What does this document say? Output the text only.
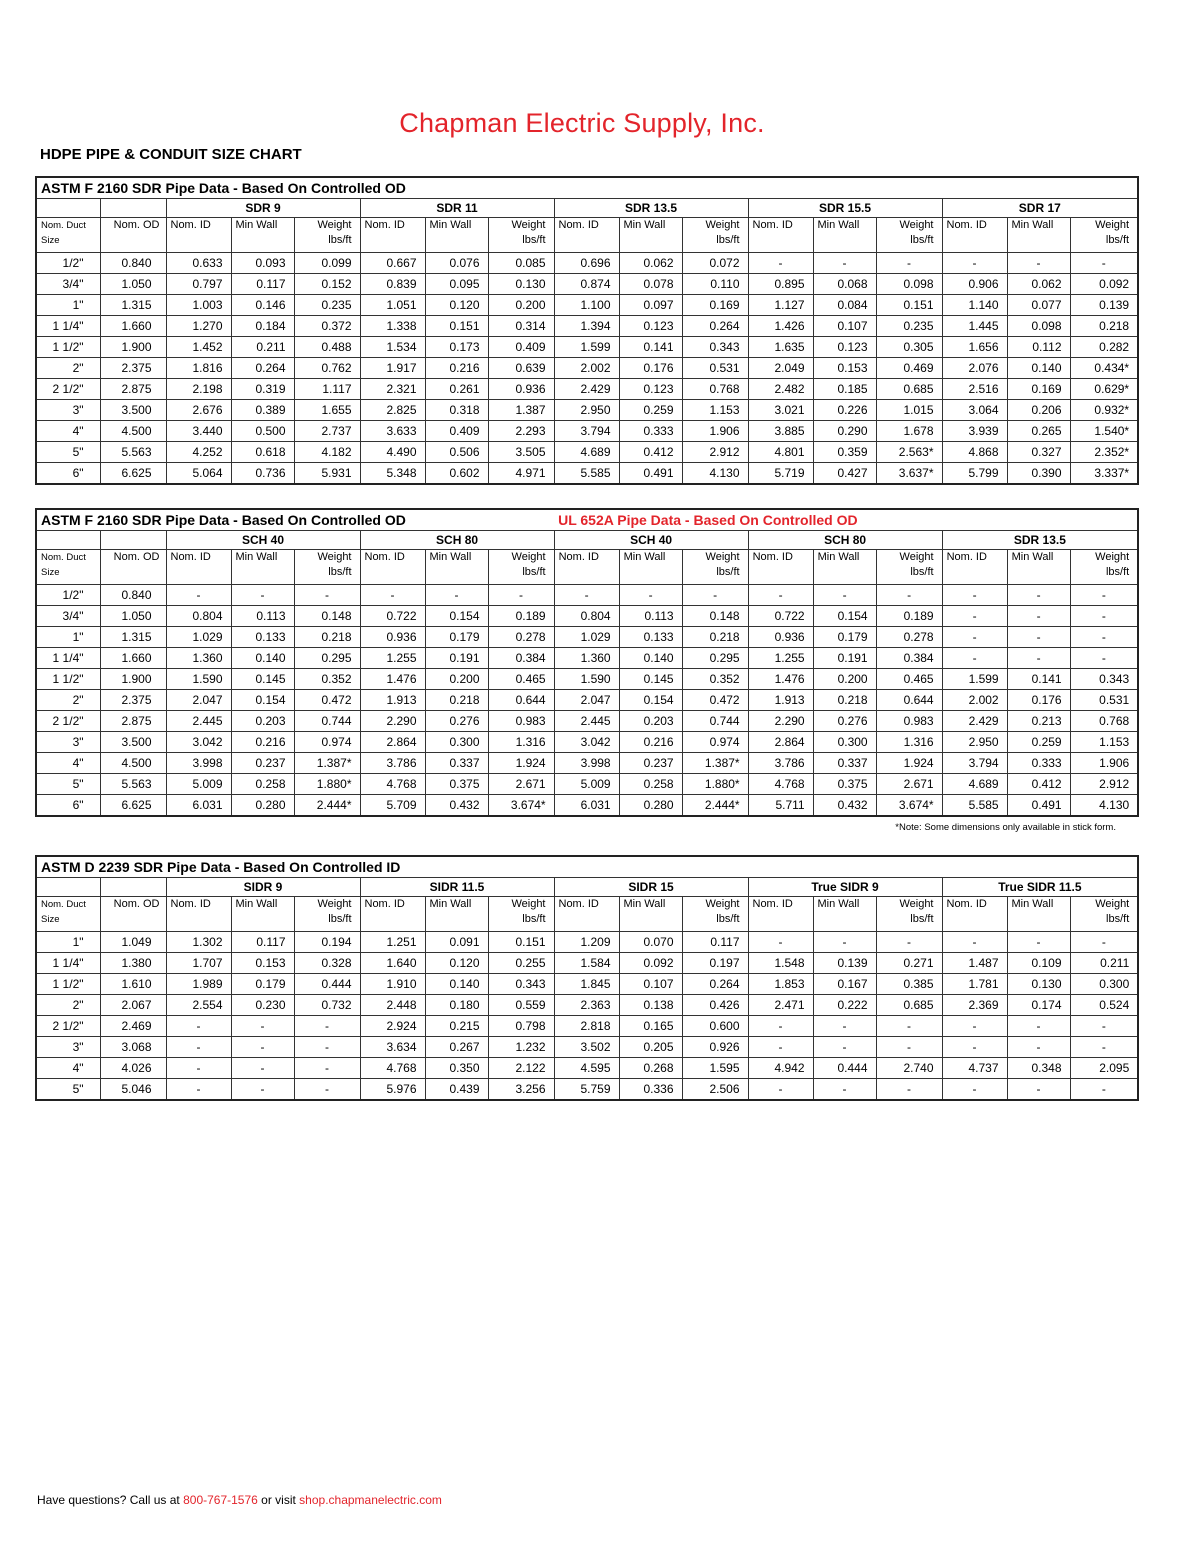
Chapman Electric Supply, Inc.
HDPE PIPE & CONDUIT SIZE CHART
ASTM F 2160 SDR Pipe Data - Based On Controlled OD																
		SDR 9			SDR 11			SDR 13.5			SDR 15.5			SDR 17		
Nom. Duct Size	Nom. OD	Nom. ID	Min Wall	Weight lbs/ft	Nom. ID	Min Wall	Weight lbs/ft	Nom. ID	Min Wall	Weight lbs/ft	Nom. ID	Min Wall	Weight lbs/ft	Nom. ID	Min Wall	Weight lbs/ft
1/2"	0.840	0.633	0.093	0.099	0.667	0.076	0.085	0.696	0.062	0.072	-	-	-	-	-	-
3/4"	1.050	0.797	0.117	0.152	0.839	0.095	0.130	0.874	0.078	0.110	0.895	0.068	0.098	0.906	0.062	0.092
1"	1.315	1.003	0.146	0.235	1.051	0.120	0.200	1.100	0.097	0.169	1.127	0.084	0.151	1.140	0.077	0.139
1 1/4"	1.660	1.270	0.184	0.372	1.338	0.151	0.314	1.394	0.123	0.264	1.426	0.107	0.235	1.445	0.098	0.218
1 1/2"	1.900	1.452	0.211	0.488	1.534	0.173	0.409	1.599	0.141	0.343	1.635	0.123	0.305	1.656	0.112	0.282
2"	2.375	1.816	0.264	0.762	1.917	0.216	0.639	2.002	0.176	0.531	2.049	0.153	0.469	2.076	0.140	0.434*
2 1/2"	2.875	2.198	0.319	1.117	2.321	0.261	0.936	2.429	0.123	0.768	2.482	0.185	0.685	2.516	0.169	0.629*
3"	3.500	2.676	0.389	1.655	2.825	0.318	1.387	2.950	0.259	1.153	3.021	0.226	1.015	3.064	0.206	0.932*
4"	4.500	3.440	0.500	2.737	3.633	0.409	2.293	3.794	0.333	1.906	3.885	0.290	1.678	3.939	0.265	1.540*
5"	5.563	4.252	0.618	4.182	4.490	0.506	3.505	4.689	0.412	2.912	4.801	0.359	2.563*	4.868	0.327	2.352*
6"	6.625	5.064	0.736	5.931	5.348	0.602	4.971	5.585	0.491	4.130	5.719	0.427	3.637*	5.799	0.390	3.337*
ASTM F 2160 SDR Pipe Data - Based On Controlled OD								UL 652A Pipe Data - Based On Controlled OD								
		SCH 40			SCH 80			SCH 40			SCH 80			SDR 13.5		
Nom. Duct Size	Nom. OD	Nom. ID	Min Wall	Weight lbs/ft	Nom. ID	Min Wall	Weight lbs/ft	Nom. ID	Min Wall	Weight lbs/ft	Nom. ID	Min Wall	Weight lbs/ft	Nom. ID	Min Wall	Weight lbs/ft
1/2"	0.840	-	-	-	-	-	-	-	-	-	-	-	-	-	-	-
3/4"	1.050	0.804	0.113	0.148	0.722	0.154	0.189	0.804	0.113	0.148	0.722	0.154	0.189	-	-	-
1"	1.315	1.029	0.133	0.218	0.936	0.179	0.278	1.029	0.133	0.218	0.936	0.179	0.278	-	-	-
1 1/4"	1.660	1.360	0.140	0.295	1.255	0.191	0.384	1.360	0.140	0.295	1.255	0.191	0.384	-	-	-
1 1/2"	1.900	1.590	0.145	0.352	1.476	0.200	0.465	1.590	0.145	0.352	1.476	0.200	0.465	1.599	0.141	0.343
2"	2.375	2.047	0.154	0.472	1.913	0.218	0.644	2.047	0.154	0.472	1.913	0.218	0.644	2.002	0.176	0.531
2 1/2"	2.875	2.445	0.203	0.744	2.290	0.276	0.983	2.445	0.203	0.744	2.290	0.276	0.983	2.429	0.213	0.768
3"	3.500	3.042	0.216	0.974	2.864	0.300	1.316	3.042	0.216	0.974	2.864	0.300	1.316	2.950	0.259	1.153
4"	4.500	3.998	0.237	1.387*	3.786	0.337	1.924	3.998	0.237	1.387*	3.786	0.337	1.924	3.794	0.333	1.906
5"	5.563	5.009	0.258	1.880*	4.768	0.375	2.671	5.009	0.258	1.880*	4.768	0.375	2.671	4.689	0.412	2.912
6"	6.625	6.031	0.280	2.444*	5.709	0.432	3.674*	6.031	0.280	2.444*	5.711	0.432	3.674*	5.585	0.491	4.130
*Note: Some dimensions only available in stick form.
ASTM D 2239 SDR Pipe Data - Based On Controlled ID																
		SIDR 9			SIDR 11.5			SIDR 15			True SIDR 9			True SIDR 11.5		
Nom. Duct Size	Nom. OD	Nom. ID	Min Wall	Weight lbs/ft	Nom. ID	Min Wall	Weight lbs/ft	Nom. ID	Min Wall	Weight lbs/ft	Nom. ID	Min Wall	Weight lbs/ft	Nom. ID	Min Wall	Weight lbs/ft
1"	1.049	1.302	0.117	0.194	1.251	0.091	0.151	1.209	0.070	0.117	-	-	-	-	-	-
1 1/4"	1.380	1.707	0.153	0.328	1.640	0.120	0.255	1.584	0.092	0.197	1.548	0.139	0.271	1.487	0.109	0.211
1 1/2"	1.610	1.989	0.179	0.444	1.910	0.140	0.343	1.845	0.107	0.264	1.853	0.167	0.385	1.781	0.130	0.300
2"	2.067	2.554	0.230	0.732	2.448	0.180	0.559	2.363	0.138	0.426	2.471	0.222	0.685	2.369	0.174	0.524
2 1/2"	2.469	-	-	-	2.924	0.215	0.798	2.818	0.165	0.600	-	-	-	-	-	-
3"	3.068	-	-	-	3.634	0.267	1.232	3.502	0.205	0.926	-	-	-	-	-	-
4"	4.026	-	-	-	4.768	0.350	2.122	4.595	0.268	1.595	4.942	0.444	2.740	4.737	0.348	2.095
5"	5.046	-	-	-	5.976	0.439	3.256	5.759	0.336	2.506	-	-	-	-	-	-
Have questions? Call us at 800-767-1576 or visit shop.chapmanelectric.com
